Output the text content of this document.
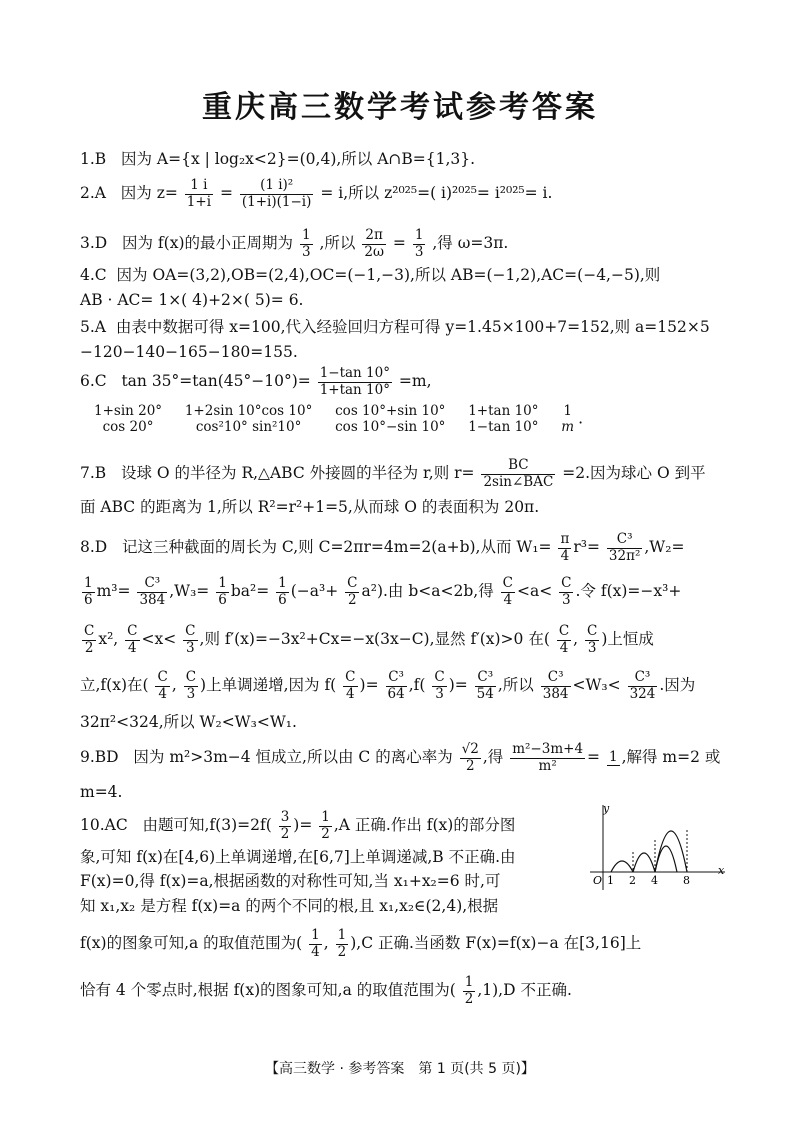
重庆高三数学考试参考答案
1.B 因为 A={x | log₂x<2}=(0,4),所以 A∩B={1,3}.
2.A 因为 $z= \frac{1 i}{1+i} = \frac{\text{(1 i)²}}{(1+i)(1-i)} = i$,所以 z²⁰²⁵=( i)²⁰²⁵= i²⁰²⁵= i.
3.D 因为 f(x)的最小正周期为 $\frac{1}{3}$ ,所以 $\frac{2\pi}{2\omega} = \frac{1}{3}$ ,得 ω=3π.
4.C 因为 OA=(3,2),OB=(2,4),OC=(−1,−3),所以 AB=(−1,2),AC=(−4,−5),则
AB · AC= 1×( 4)+2×( 5)= 6.
5.A 由表中数据可得 x=100,代入经验回归方程可得 y=1.45×100+7=152,则 a=152×5
−120−140−165−180=155.
6.C $\tan 35^\circ=\tan(45^\circ-10^\circ)= \frac{1-\tan 10^\circ}{1+\tan 10^\circ} =m$,
1+sin 20°
cos 20°

1+2sin 10°cos 10°
cos²10° sin²10°

cos 10°+sin 10°
cos 10°−sin 10°

1+tan 10°
1−tan 10°

1
m .
7.B 设球 O 的半径为 R,△ABC 外接圆的半径为 r,则 $r= \frac{BC}{\text{2sin∠BAC}} =2$.因为球心 O 到平
面 ABC 的距离为 1,所以 R²=r²+1=5,从而球 O 的表面积为 20π.
8.D 记这三种截面的周长为 C,则 C=2πr=4m=2(a+b),从而 $W_1= \frac{\pi}{4} r^3= \frac{\text{C³}}{\text{32π²}} ,W_2=$
$\frac{1}{6} m^3= \frac{\text{C³}}{384} ,W_3= \frac{1}{6} ba^2= \frac{1}{6} (-a^3+ \frac{C}{2} a^2)$.由 b<a<2b,得 $\frac{C}{4} <a< \frac{C}{3}$ .令 f(x)=−x³+
$\frac{C}{2} x^2$, $\frac{C}{4} <x< \frac{C}{3}$ ,则 f′(x)=−3x²+Cx=−x(3x−C),显然 f′(x)>0 在( $\frac{C}{4}$ , $\frac{C}{3}$ )上恒成
立,f(x)在( $\frac{C}{4}$ , $\frac{C}{3}$ )上单调递增,因为 $f( \frac{C}{4}$ )= $\frac{\text{C³}}{64} ,f( \frac{C}{3}$ )= $\frac{\text{C³}}{54}$ ,所以 $\frac{\text{C³}}{384} <W_3< \frac{\text{C³}}{324}$ .因为
32π²<324,所以 W₂<W₃<W₁.
9.BD 因为 m²>3m−4 恒成立,所以由 C 的离心率为 $\frac{√2}{2}$ ,得 $\frac{\text{m²−3m+4}}{\text{m²}} = 1$ ,解得 m=2 或
m=4.
10.AC 由题可知$,f(3)=2f( \frac{3}{2}$ )= $\frac{1}{2} ,A$ 正确.作出 f(x)的部分图
象,可知 f(x)在[4,6)上单调递增,在[6,7]上单调递减,B 不正确.由
F(x)=0,得 f(x)=a,根据函数的对称性可知,当 x₁+x₂=6 时,可
知 x₁,x₂ 是方程 f(x)=a 的两个不同的根,且 x₁,x₂∈(2,4),根据
f(x)的图象可知,a 的取值范围为( $\frac{1}{4}$ , $\frac{1}{2} ),C$ 正确.当函数 F(x)=f(x)−a 在[3,16]上
恰有 4 个零点时,根据 f(x)的图象可知,a 的取值范围为( $\frac{1}{2} ,1),D$ 不正确.
y
x
O 1 2 4 8
【高三数学 · 参考答案　第 1 页(共 5 页)】
